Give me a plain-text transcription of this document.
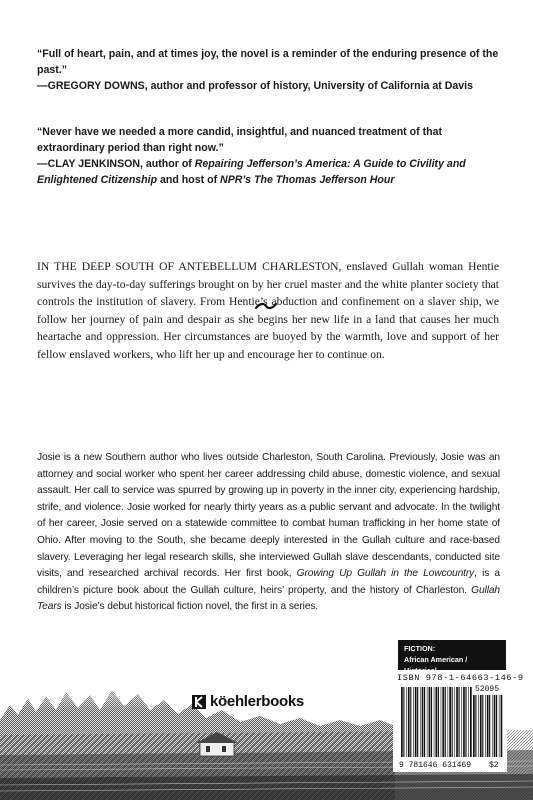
“Full of heart, pain, and at times joy, the novel is a reminder of the enduring presence of the past.”

—GREGORY DOWNS, author and professor of history, University of California at Davis

“Never have we needed a more candid, insightful, and nuanced treatment of that extraordinary period than right now.”

—CLAY JENKINSON, author of Repairing Jefferson’s America: A Guide to Civility and Enlightened Citizenship and host of NPR’s The Thomas Jefferson Hour

IN THE DEEP SOUTH OF ANTEBELLUM CHARLESTON, enslaved Gullah woman Hentie survives the day-to-day sufferings brought on by her cruel master and the white planter society that controls the institution of slavery. From Hentie’s abduction and confinement on a slaver ship, we follow her journey of pain and despair as she begins her new life in a land that causes her much heartache and oppression. Her circumstances are buoyed by the warmth, love and support of her fellow enslaved workers, who lift her up and encourage her to continue on.

Josie is a new Southern author who lives outside Charleston, South Carolina. Previously, Josie was an attorney and social worker who spent her career addressing child abuse, domestic violence, and sexual assault. Her call to service was spurred by growing up in poverty in the inner city, experiencing hardship, strife, and violence. Josie worked for nearly thirty years as a public servant and advocate. In the twilight of her career, Josie served on a statewide committee to combat human trafficking in her home state of Ohio. After moving to the South, she became deeply interested in the Gullah culture and race-based slavery. Leveraging her legal research skills, she interviewed Gullah slave descendants, conducted site visits, and researched archival records. Her first book, Growing Up Gullah in the Lowcountry, is a children’s picture book about the Gullah culture, heirs’ property, and the history of Charleston. Gullah Tears is Josie’s debut historical fiction novel, the first in a series.

köehlerbooks
FICTION:
African American /
ISBN 978-1-64663-146-9
52095
9 781646 631469 $2
